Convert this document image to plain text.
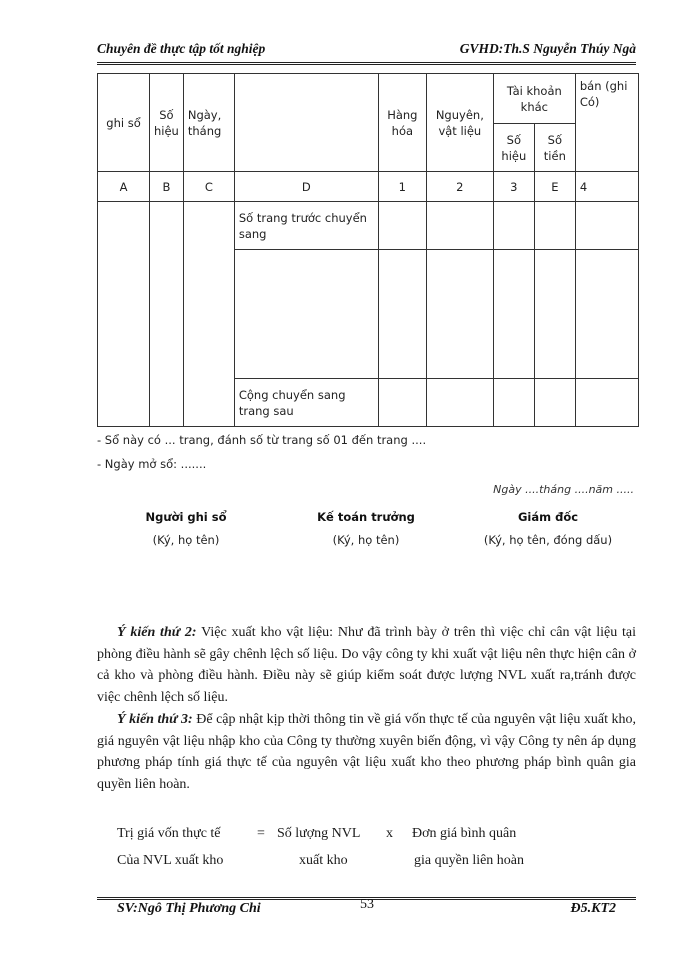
Chuyên đề thực tập tốt nghiệp	GVHD:Th.S Nguyễn Thúy Ngà
ghi sổ	Số hiệu	Ngày, tháng		Hàng hóa	Nguyên, vật liệu	Tài khoản khác		bán (ghi Có)
						Số hiệu	Số tiền	
A	B	C	D	1	2	3	E	4
			Số trang trước chuyển sang					

			Cộng chuyển sang trang sau					
- Sổ này có ... trang, đánh số từ trang số 01 đến trang ....
- Ngày mở sổ: .......
Ngày ....tháng ....năm .....
Người ghi sổ
(Ký, họ tên)
Kế toán trưởng
(Ký, họ tên)
Giám đốc
(Ký, họ tên, đóng dấu)

Ý kiến thứ 2: Việc xuất kho vật liệu: Như đã trình bày ở trên thì việc chỉ cân vật liệu tại phòng điều hành sẽ gây chênh lệch số liệu. Do vậy công ty khi xuất vật liệu nên thực hiện cân ở cả kho và phòng điều hành. Điều này sẽ giúp kiểm soát được lượng NVL xuất ra,tránh được việc chênh lệch số liệu.

Ý kiến thứ 3: Để cập nhật kịp thời thông tin về giá vốn thực tế của nguyên vật liệu xuất kho, giá nguyên vật liệu nhập kho của Công ty thường xuyên biến động, vì vậy Công ty nên áp dụng phương pháp tính giá thực tế của nguyên vật liệu xuất kho theo phương pháp bình quân gia quyền liên hoàn.

Trị giá vốn thực tế	= Số lượng NVL x Đơn giá bình quân
Của NVL xuất kho	xuất kho	gia quyền liên hoàn
SV:Ngô Thị Phương Chi	53	Đ5.KT2
